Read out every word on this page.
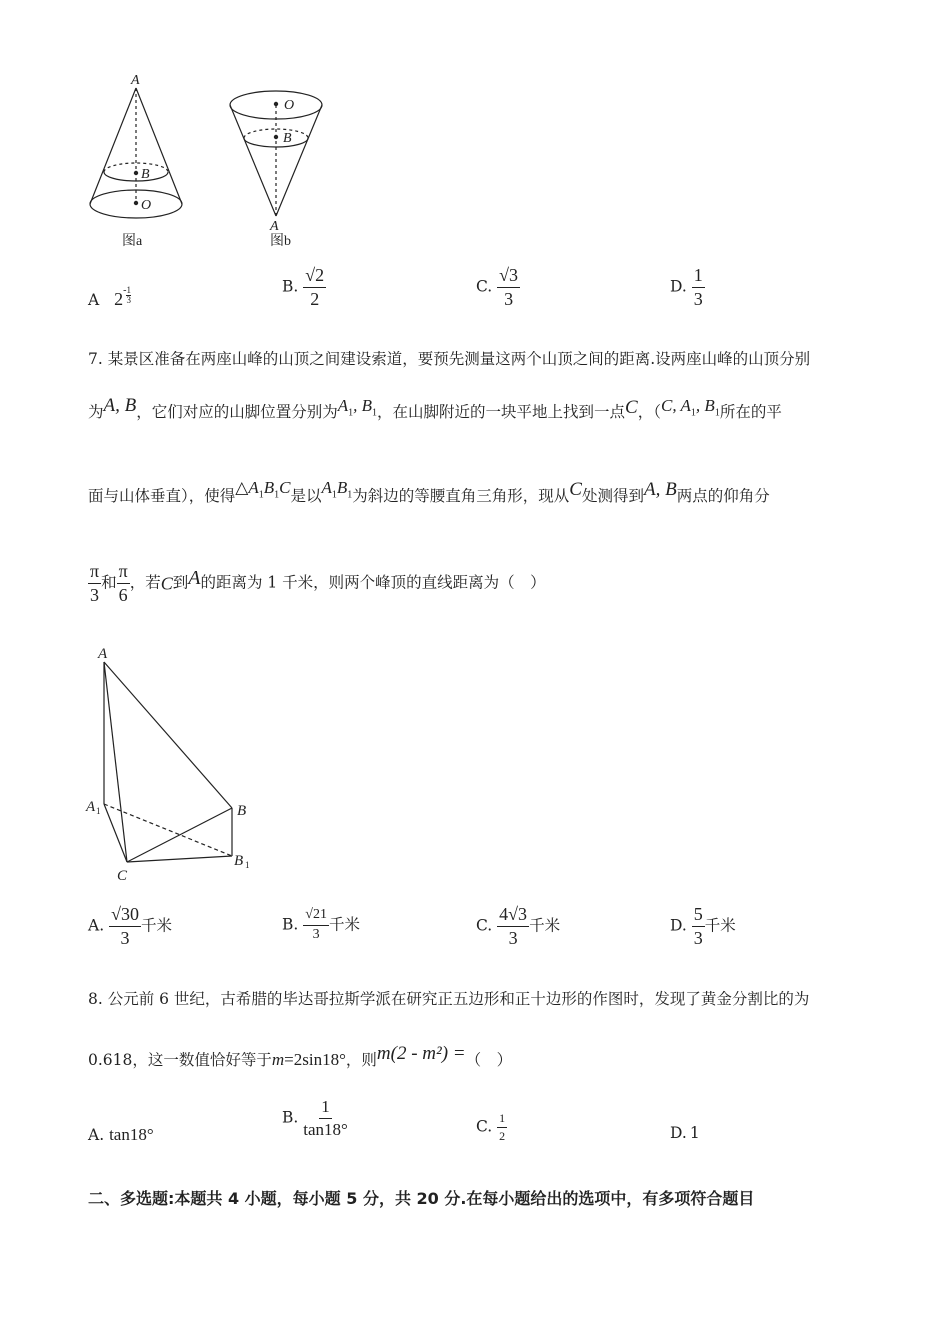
A
B
O
图a
O
B
A
图b
A $2^- \frac{1}{3}$	B. $\frac{√2}{2}$	C. $\frac{√3}{3}$	D. $\frac{1}{3}$
7. 某景区准备在两座山峰的山顶之间建设索道，要预先测量这两个山顶之间的距离.设两座山峰的山顶分别
为A, B，它们对应的山脚位置分别为$A_1$, $B_1$，在山脚附近的一块平地上找到一点C，（C, $A_1$, $B_1$所在的平
面与山体垂直），使得$\triangle A_1B_1C$是以$A_1B_1$为斜边的等腰直角三角形，现从C处测得到A, B两点的仰角分
$\frac{\pi}{3}$ 和 $\frac{\pi}{6}$ ，若C到A的距离为 1 千米，则两个峰顶的直线距离为（　）
A
A 1	B
B 1
C
A. $\frac{√30}{3}$ 千米	B. $\frac{√21}{3}$ 千米	C. $\frac{4√3}{3}$ 千米	D. $\frac{5}{3}$ 千米
8. 公元前 6 世纪，古希腊的毕达哥拉斯学派在研究正五边形和正十边形的作图时，发现了黄金分割比的为
0.618，这一数值恰好等于m=2sin18°，则m(2 - m²) =（　）
A. tan18°
B. $\frac{1}{\tan 18^\circ}$	C. $\frac{1}{2}$	D. 1
二、多选题:本题共 4 小题，每小题 5 分，共 20 分.在每小题给出的选项中，有多项符合题目
